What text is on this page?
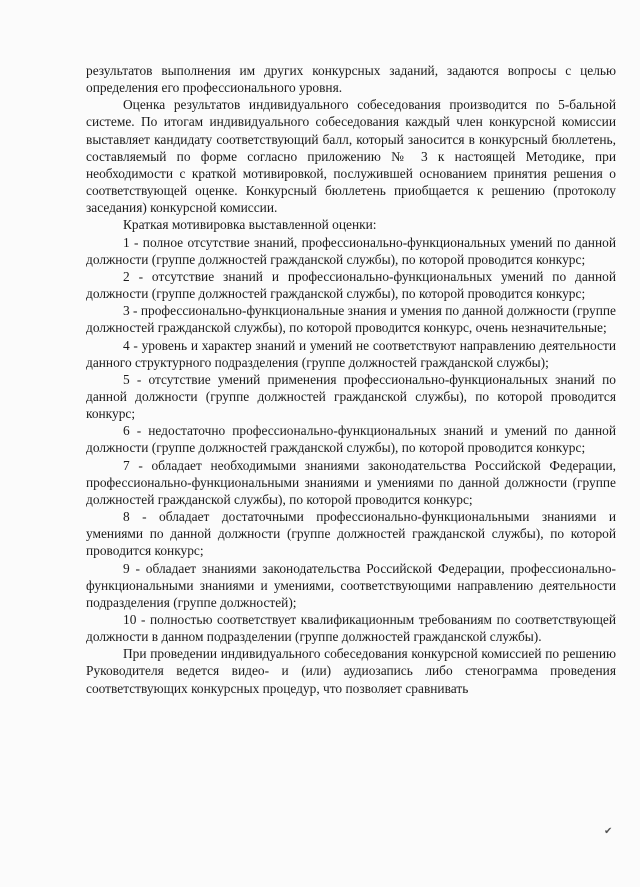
результатов выполнения им других конкурсных заданий, задаются вопросы с целью определения его профессионального уровня.

Оценка результатов индивидуального собеседования производится по 5-бальной системе. По итогам индивидуального собеседования каждый член конкурсной комиссии выставляет кандидату соответствующий балл, который заносится в конкурсный бюллетень, составляемый по форме согласно приложению № 3 к настоящей Методике, при необходимости с краткой мотивировкой, послужившей основанием принятия решения о соответствующей оценке. Конкурсный бюллетень приобщается к решению (протоколу заседания) конкурсной комиссии.

Краткая мотивировка выставленной оценки:

1 - полное отсутствие знаний, профессионально-функциональных умений по данной должности (группе должностей гражданской службы), по которой проводится конкурс;

2 - отсутствие знаний и профессионально-функциональных умений по данной должности (группе должностей гражданской службы), по которой проводится конкурс;

3 - профессионально-функциональные знания и умения по данной должности (группе должностей гражданской службы), по которой проводится конкурс, очень незначительные;

4 - уровень и характер знаний и умений не соответствуют направлению деятельности данного структурного подразделения (группе должностей гражданской службы);

5 - отсутствие умений применения профессионально-функциональных знаний по данной должности (группе должностей гражданской службы), по которой проводится конкурс;

6 - недостаточно профессионально-функциональных знаний и умений по данной должности (группе должностей гражданской службы), по которой проводится конкурс;

7 - обладает необходимыми знаниями законодательства Российской Федерации, профессионально-функциональными знаниями и умениями по данной должности (группе должностей гражданской службы), по которой проводится конкурс;

8 - обладает достаточными профессионально-функциональными знаниями и умениями по данной должности (группе должностей гражданской службы), по которой проводится конкурс;

9 - обладает знаниями законодательства Российской Федерации, профессионально-функциональными знаниями и умениями, соответствующими направлению деятельности подразделения (группе должностей);

10 - полностью соответствует квалификационным требованиям по соответствующей должности в данном подразделении (группе должностей гражданской службы).

При проведении индивидуального собеседования конкурсной комиссией по решению Руководителя ведется видео- и (или) аудиозапись либо стенограмма проведения соответствующих конкурсных процедур, что позволяет сравнивать

✔
